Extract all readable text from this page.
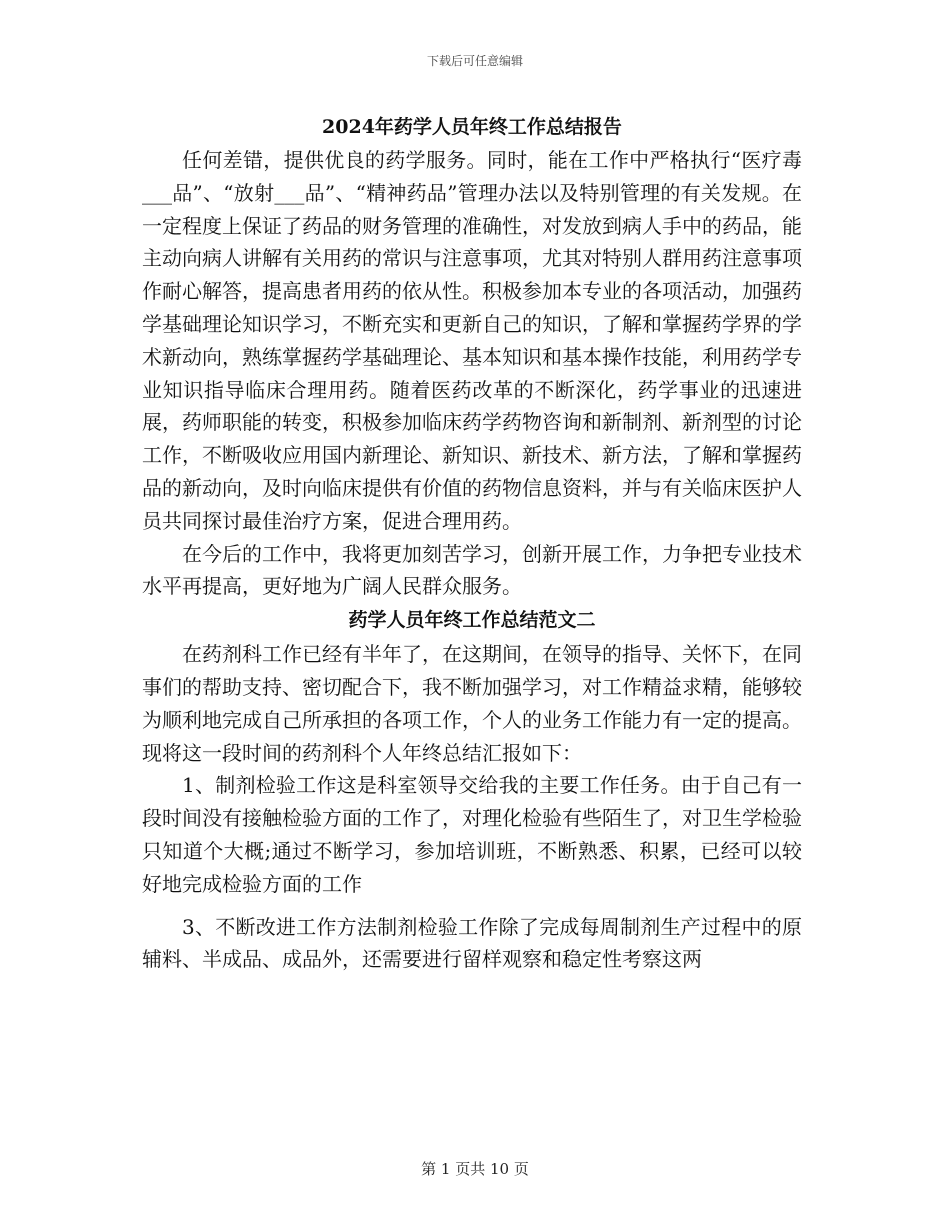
下载后可任意编辑
2024年药学人员年终工作总结报告

任何差错，提供优良的药学服务。同时，能在工作中严格执行“医疗毒___品”、“放射___品”、“精神药品”管理办法以及特别管理的有关发规。在一定程度上保证了药品的财务管理的准确性，对发放到病人手中的药品，能主动向病人讲解有关用药的常识与注意事项，尤其对特别人群用药注意事项作耐心解答，提高患者用药的依从性。积极参加本专业的各项活动，加强药学基础理论知识学习，不断充实和更新自己的知识，了解和掌握药学界的学术新动向，熟练掌握药学基础理论、基本知识和基本操作技能，利用药学专业知识指导临床合理用药。随着医药改革的不断深化，药学事业的迅速进展，药师职能的转变，积极参加临床药学药物咨询和新制剂、新剂型的讨论工作，不断吸收应用国内新理论、新知识、新技术、新方法，了解和掌握药品的新动向，及时向临床提供有价值的药物信息资料，并与有关临床医护人员共同探讨最佳治疗方案，促进合理用药。

在今后的工作中，我将更加刻苦学习，创新开展工作，力争把专业技术水平再提高，更好地为广阔人民群众服务。

药学人员年终工作总结范文二

在药剂科工作已经有半年了，在这期间，在领导的指导、关怀下，在同事们的帮助支持、密切配合下，我不断加强学习，对工作精益求精，能够较为顺利地完成自己所承担的各项工作，个人的业务工作能力有一定的提高。现将这一段时间的药剂科个人年终总结汇报如下：

1、制剂检验工作这是科室领导交给我的主要工作任务。由于自己有一段时间没有接触检验方面的工作了，对理化检验有些陌生了，对卫生学检验只知道个大概;通过不断学习，参加培训班，不断熟悉、积累，已经可以较好地完成检验方面的工作

3、不断改进工作方法制剂检验工作除了完成每周制剂生产过程中的原辅料、半成品、成品外，还需要进行留样观察和稳定性考察这两

第 1 页共 10 页
